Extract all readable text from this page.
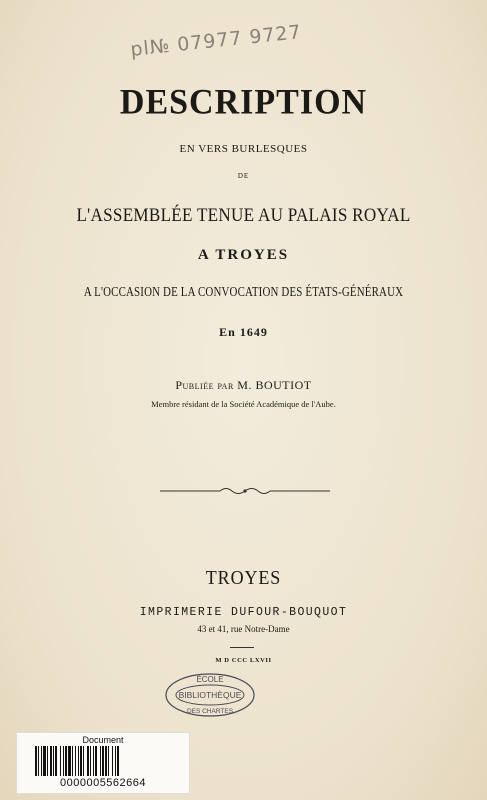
pl№ 07977 9727
DESCRIPTION
EN VERS BURLESQUES
DE
L'ASSEMBLÉE TENUE AU PALAIS ROYAL
A TROYES
A L'OCCASION DE LA CONVOCATION DES ÉTATS-GÉNÉRAUX
En 1649
Publiée par M. BOUTIOT
Membre résidant de la Société Académique de l'Aube.
TROYES
IMPRIMERIE DUFOUR-BOUQUOT
43 et 41, rue Notre-Dame
M D CCC LXVII
ÉCOLE
BIBLIOTHÈQUE
DES CHARTES
Document
0000005562664
